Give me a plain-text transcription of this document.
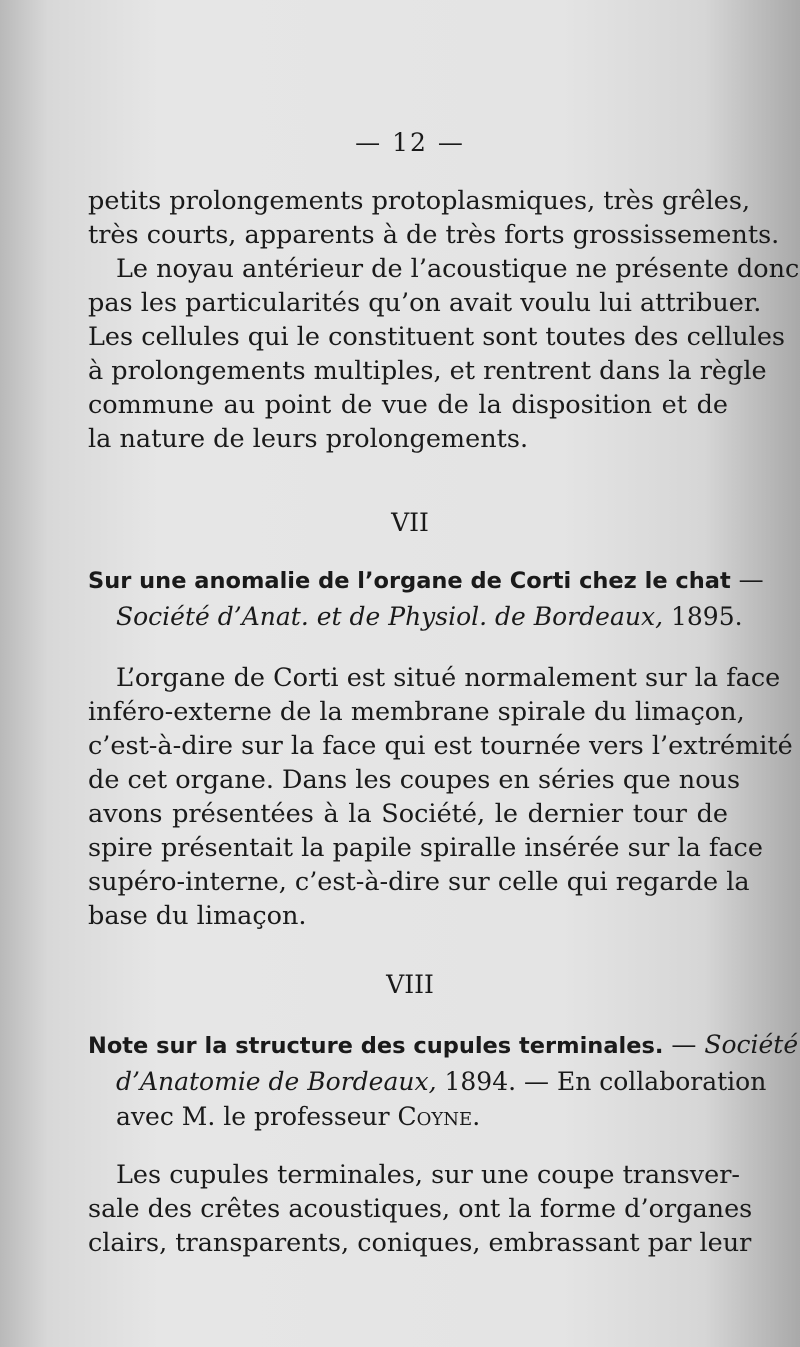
— 12 —
petits prolongements protoplasmiques, très grêles,
très courts, apparents à de très forts grossissements.
Le noyau antérieur de l’acoustique ne présente donc
pas les particularités qu’on avait voulu lui attribuer.
Les cellules qui le constituent sont toutes des cellules
à prolongements multiples, et rentrent dans la règle
commune au point de vue de la disposition et de
la nature de leurs prolongements.
VII
Sur une anomalie de l’organe de Corti chez le chat —
Société d’Anat. et de Physiol. de Bordeaux, 1895.
L’organe de Corti est situé normalement sur la face
inféro-externe de la membrane spirale du limaçon,
c’est-à-dire sur la face qui est tournée vers l’extrémité
de cet organe. Dans les coupes en séries que nous
avons présentées à la Société, le dernier tour de
spire présentait la papile spiralle insérée sur la face
supéro-interne, c’est-à-dire sur celle qui regarde la
base du limaçon.
VIII
Note sur la structure des cupules terminales. — Société
d’Anatomie de Bordeaux, 1894. — En collaboration
avec M. le professeur Coyne.
Les cupules terminales, sur une coupe transver-
sale des crêtes acoustiques, ont la forme d’organes
clairs, transparents, coniques, embrassant par leur
